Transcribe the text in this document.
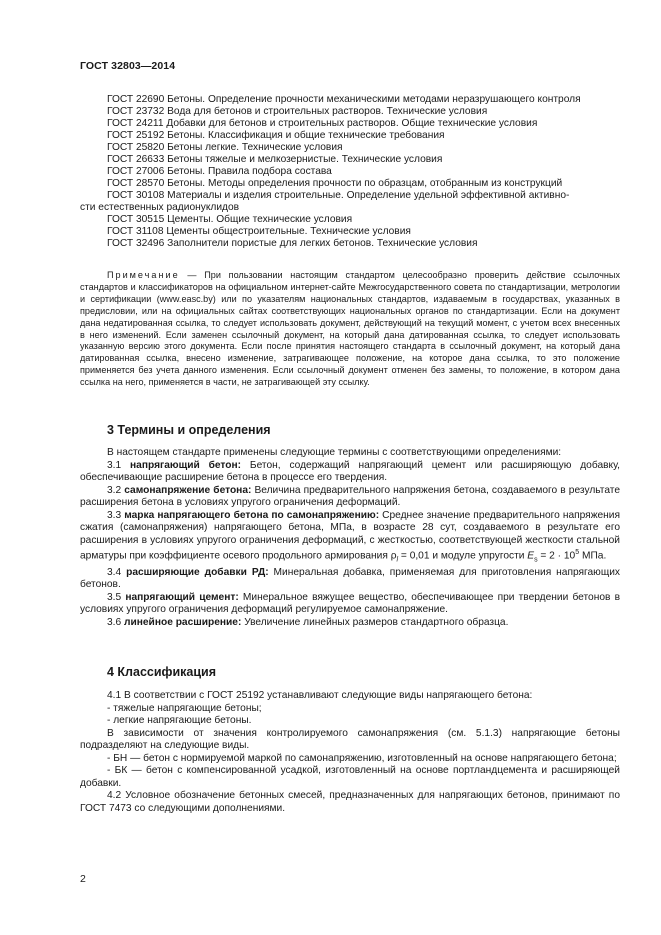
ГОСТ 32803—2014
ГОСТ 22690 Бетоны. Определение прочности механическими методами неразрушающего контроля
ГОСТ 23732 Вода для бетонов и строительных растворов. Технические условия
ГОСТ 24211 Добавки для бетонов и строительных растворов. Общие технические условия
ГОСТ 25192 Бетоны. Классификация и общие технические требования
ГОСТ 25820 Бетоны легкие. Технические условия
ГОСТ 26633 Бетоны тяжелые и мелкозернистые. Технические условия
ГОСТ 27006 Бетоны. Правила подбора состава
ГОСТ 28570 Бетоны. Методы определения прочности по образцам, отобранным из конструкций
ГОСТ 30108 Материалы и изделия строительные. Определение удельной эффективной активно-
сти естественных радионуклидов
ГОСТ 30515 Цементы. Общие технические условия
ГОСТ 31108 Цементы общестроительные. Технические условия
ГОСТ 32496 Заполнители пористые для легких бетонов. Технические условия
Примечание — При пользовании настоящим стандартом целесообразно проверить действие ссылочных стандартов и классификаторов на официальном интернет-сайте Межгосударственного совета по стандартизации, метрологии и сертификации (www.easc.by) или по указателям национальных стандартов, издаваемым в государствах, указанных в предисловии, или на официальных сайтах соответствующих национальных органов по стандартизации. Если на документ дана недатированная ссылка, то следует использовать документ, действующий на текущий момент, с учетом всех внесенных в него изменений. Если заменен ссылочный документ, на который дана датированная ссылка, то следует использовать указанную версию этого документа. Если после принятия настоящего стандарта в ссылочный документ, на который дана датированная ссылка, внесено изменение, затрагивающее положение, на которое дана ссылка, то это положение применяется без учета данного изменения. Если ссылочный документ отменен без замены, то положение, в котором дана ссылка на него, применяется в части, не затрагивающей эту ссылку.
3 Термины и определения

В настоящем стандарте применены следующие термины с соответствующими определениями:

3.1 напрягающий бетон: Бетон, содержащий напрягающий цемент или расширяющую добавку, обеспечивающие расширение бетона в процессе его твердения.

3.2 самонапряжение бетона: Величина предварительного напряжения бетона, создаваемого в результате расширения бетона в условиях упругого ограничения деформаций.

3.3 марка напрягающего бетона по самонапряжению: Среднее значение предварительного напряжения сжатия (самонапряжения) напрягающего бетона, МПа, в возрасте 28 сут, создаваемого в результате его расширения в условиях упругого ограничения деформаций, с жесткостью, соответствующей жесткости стальной арматуры при коэффициенте осевого продольного армирования $\rho_l = 0,01$ и модуле упругости $E_s = 2 \cdot 10^5$ МПа.

3.4 расширяющие добавки РД: Минеральная добавка, применяемая для приготовления напрягающих бетонов.

3.5 напрягающий цемент: Минеральное вяжущее вещество, обеспечивающее при твердении бетонов в условиях упругого ограничения деформаций регулируемое самонапряжение.

3.6 линейное расширение: Увеличение линейных размеров стандартного образца.

4 Классификация

4.1 В соответствии с ГОСТ 25192 устанавливают следующие виды напрягающего бетона:

- тяжелые напрягающие бетоны;

- легкие напрягающие бетоны.

В зависимости от значения контролируемого самонапряжения (см. 5.1.3) напрягающие бетоны подразделяют на следующие виды.

- БН — бетон с нормируемой маркой по самонапряжению, изготовленный на основе напрягающего бетона;

- БК — бетон с компенсированной усадкой, изготовленный на основе портландцемента и расширяющей добавки.

4.2 Условное обозначение бетонных смесей, предназначенных для напрягающих бетонов, принимают по ГОСТ 7473 со следующими дополнениями.

2
